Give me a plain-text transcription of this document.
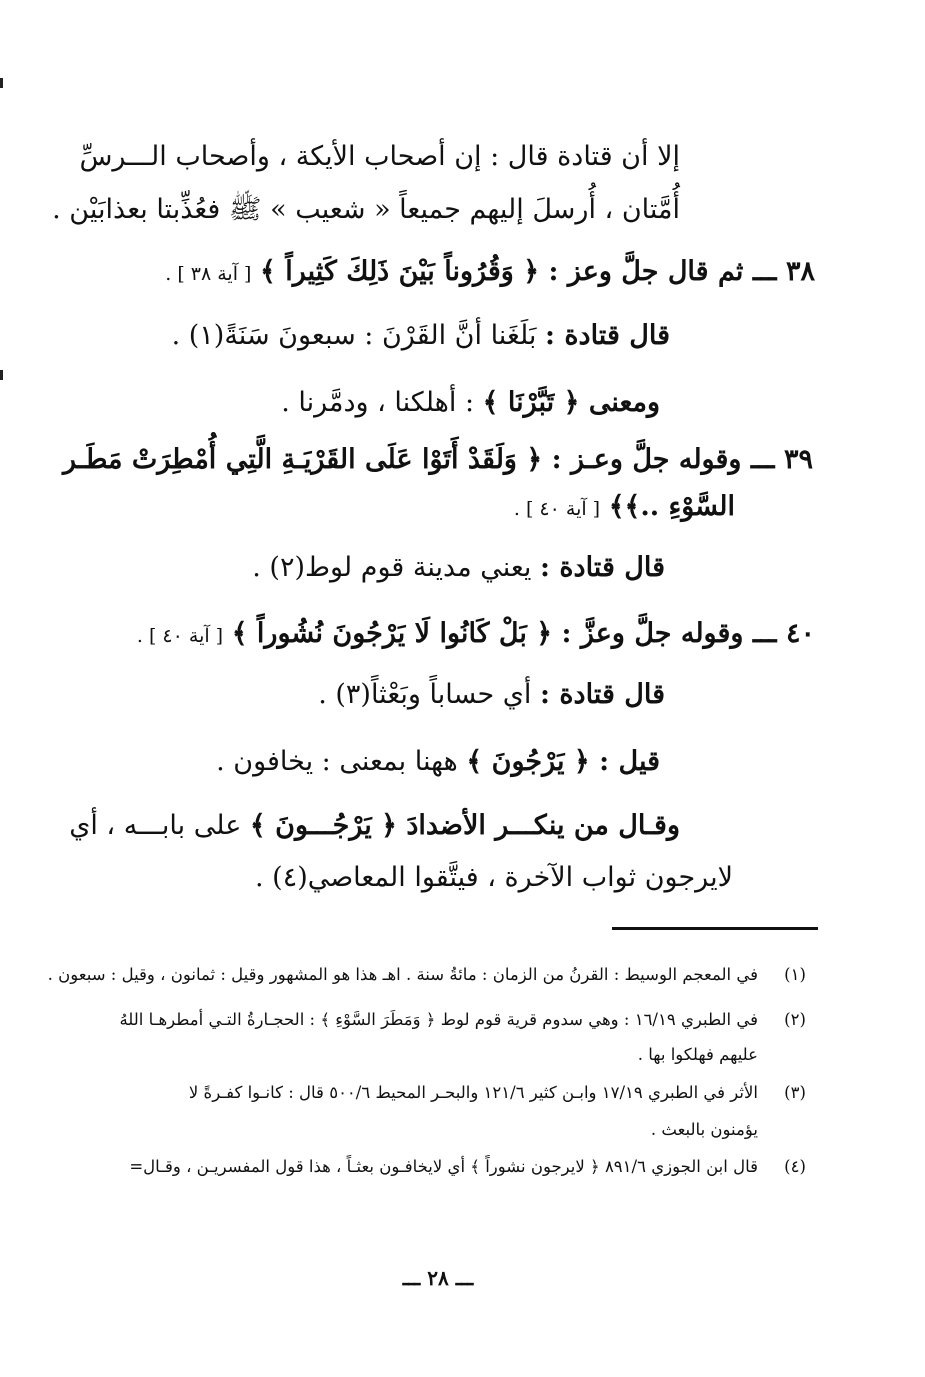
إلا أن قتادة قال : إن أصحاب الأيكة ، وأصحاب الـــرسِّ
أُمَّتان ، أُرسلَ إليهم جميعاً « شعيب » ﷺ فعُذِّبتا بعذابَيْن .
٣٨ ـــ ثم قال جلَّ وعز : ﴿ وَقُرُوناً بَيْنَ ذَلِكَ كَثِيراً ﴾ [ آية ٣٨ ] .
قال قتادة : بَلَغَنا أنَّ القَرْنَ : سبعونَ سَنَةً(١) .
ومعنى ﴿ تَبَّرْنَا ﴾ : أهلكنا ، ودمَّرنا .
٣٩ ـــ وقوله جلَّ وعـز : ﴿ وَلَقَدْ أَتَوْا عَلَى القَرْيَـةِ الَّتِي أُمْطِرَتْ مَطَـر
السَّوْءِ ..﴾﴾ [ آية ٤٠ ] .
قال قتادة : يعني مدينة قوم لوط(٢) .
٤٠ ـــ وقوله جلَّ وعزَّ : ﴿ بَلْ كَانُوا لَا يَرْجُونَ نُشُوراً ﴾ [ آية ٤٠ ] .
قال قتادة : أي حساباً وبَعْثاً(٣) .
قيل : ﴿ يَرْجُونَ ﴾ ههنا بمعنى : يخافون .
وقـال من ينكـــر الأضدادَ ﴿ يَرْجُـــونَ ﴾ على بابـــه ، أي
لايرجون ثواب الآخرة ، فيتَّقوا المعاصي(٤) .
(١)
في المعجم الوسيط : القرنُ من الزمان : مائةُ سنة . اهـ هذا هو المشهور وقيل : ثمانون ، وقيل : سبعون .
(٢)
في الطبري ١٦/١٩ : وهي سدوم قرية قوم لوط ﴿ وَمَطَرَ السَّوْءِ ﴾ : الحجـارةُ التـي أمطرهـا اللهُ
عليهم فهلكوا بها .
(٣)
الأثر في الطبري ١٧/١٩ وابـن كثير ١٢١/٦ والبحـر المحيط ٥٠٠/٦ قال : كانـوا كفـرةً لا
يؤمنون بالبعث .
(٤)
قال ابن الجوزي ٨٩١/٦ ﴿ لايرجون نشوراً ﴾ أي لايخافـون بعثـاً ، هذا قول المفسريـن ، وقـال=
ـــ ٢٨ ـــ
